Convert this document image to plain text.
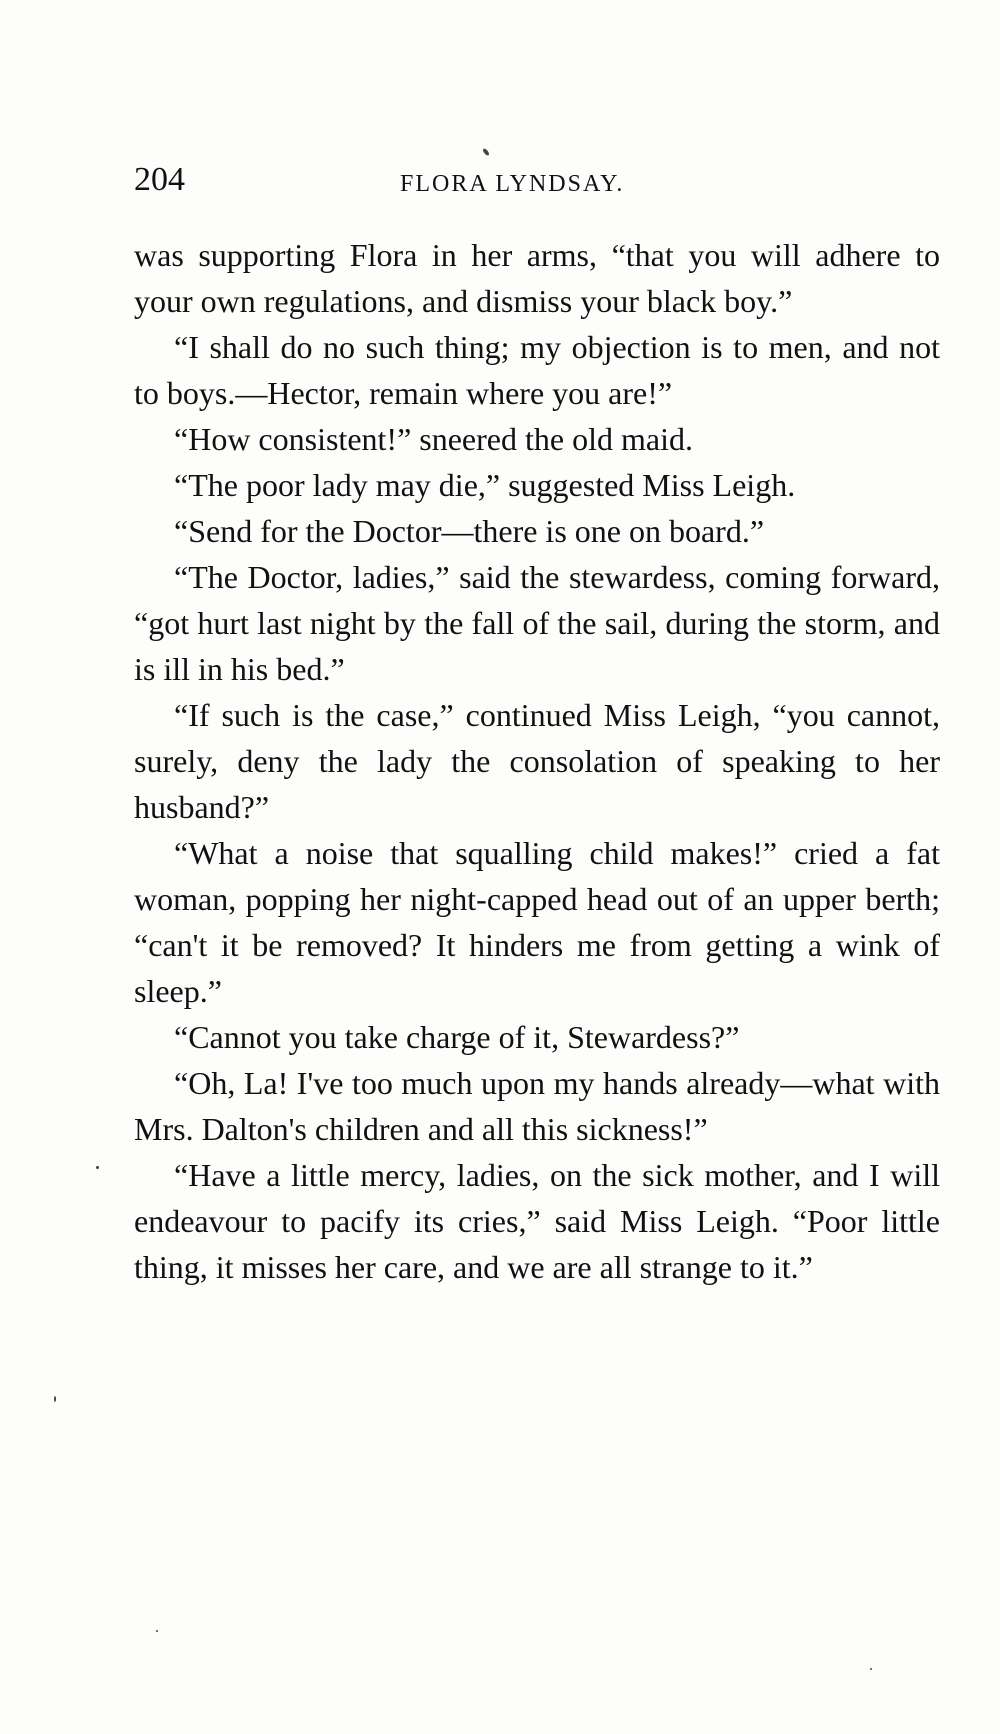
204	FLORA LYNDSAY.

was supporting Flora in her arms, “that you will adhere to your own regulations, and dismiss your black boy.”

“I shall do no such thing; my objection is to men, and not to boys.—Hector, remain where you are!”

“How consistent!” sneered the old maid.

“The poor lady may die,” suggested Miss Leigh.

“Send for the Doctor—there is one on board.”

“The Doctor, ladies,” said the stewardess, coming forward, “got hurt last night by the fall of the sail, during the storm, and is ill in his bed.”

“If such is the case,” continued Miss Leigh, “you cannot, surely, deny the lady the consolation of speaking to her husband?”

“What a noise that squalling child makes!” cried a fat woman, popping her night-capped head out of an upper berth; “can't it be removed? It hinders me from getting a wink of sleep.”

“Cannot you take charge of it, Stewardess?”

“Oh, La! I've too much upon my hands already—what with Mrs. Dalton's children and all this sickness!”

“Have a little mercy, ladies, on the sick mother, and I will endeavour to pacify its cries,” said Miss Leigh. “Poor little thing, it misses her care, and we are all strange to it.”
